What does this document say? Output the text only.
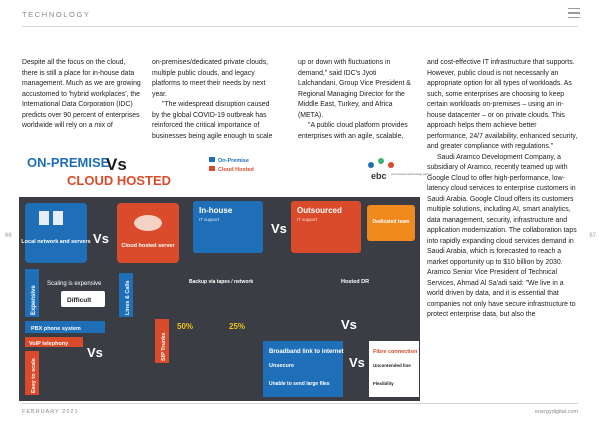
TECHNOLOGY

Despite all the focus on the cloud, there is still a place for in-house data management. Much as we are growing accustomed to 'hybrid workplaces', the International Data Corporation (IDC) predicts over 90 percent of enterprises worldwide will rely on a mix of

on-premises/dedicated private clouds, multiple public clouds, and legacy platforms to meet their needs by next year.

"The widespread disruption caused by the global COVID-19 outbreak has reinforced the critical importance of businesses being agile enough to scale

up or down with fluctuations in demand," said IDC's Jyoti Lalchandani, Group Vice President & Regional Managing Director for the Middle East, Turkey, and Africa (META).

"A public cloud platform provides enterprises with an agile, scalable,

and cost-effective IT infrastructure that supports. However, public cloud is not necessarily an appropriate option for all types of workloads. As such, some enterprises are choosing to keep certain workloads on-premises – using an in-house datacenter – or on private clouds. This approach helps them achieve better performance, 24/7 availability, enhanced security, and greater compliance with regulations."

Saudi Aramco Development Company, a subsidiary of Aramco, recently teamed up with Google Cloud to offer high-performance, low-latency cloud services to enterprise customers in Saudi Arabia. Google Cloud offers its customers multiple solutions, including AI, smart analytics, data management, security, infrastructure and application modernization. The collaboration taps into rapidly expanding cloud services demand in Saudi Arabia, which is forecasted to reach a market opportunity up to $10 billion by 2030. Aramco Senior Vice President of Technical Services, Ahmad Al Sa'adi said: "We live in a world driven by data, and it is essential that companies not only have secure infrastructure to protect enterprise data, but also the

66	67
ON-PREMISE
Vs
CLOUD HOSTED
On-Premise
Cloud Hosted
ebc your trusted technology partner
Local network and servers Vs Cloud hosted server
In-house
IT support
Vs
Outsourced
IT support	Dedicated team
Expensive
Scaling is expensive
Difficult
PBX phone system
Vs
VoIP telephony
Easy to scale
Lines & Calls
SIP Trunks
50%	25%
Backup via tapes / network
Vs
Hosted DR
Broadband link to internet
Unsecure
Unable to send large files
Vs
Fibre connection
Uncontended line
Flexibility
FEBRUARY 2021	energydigital.com
